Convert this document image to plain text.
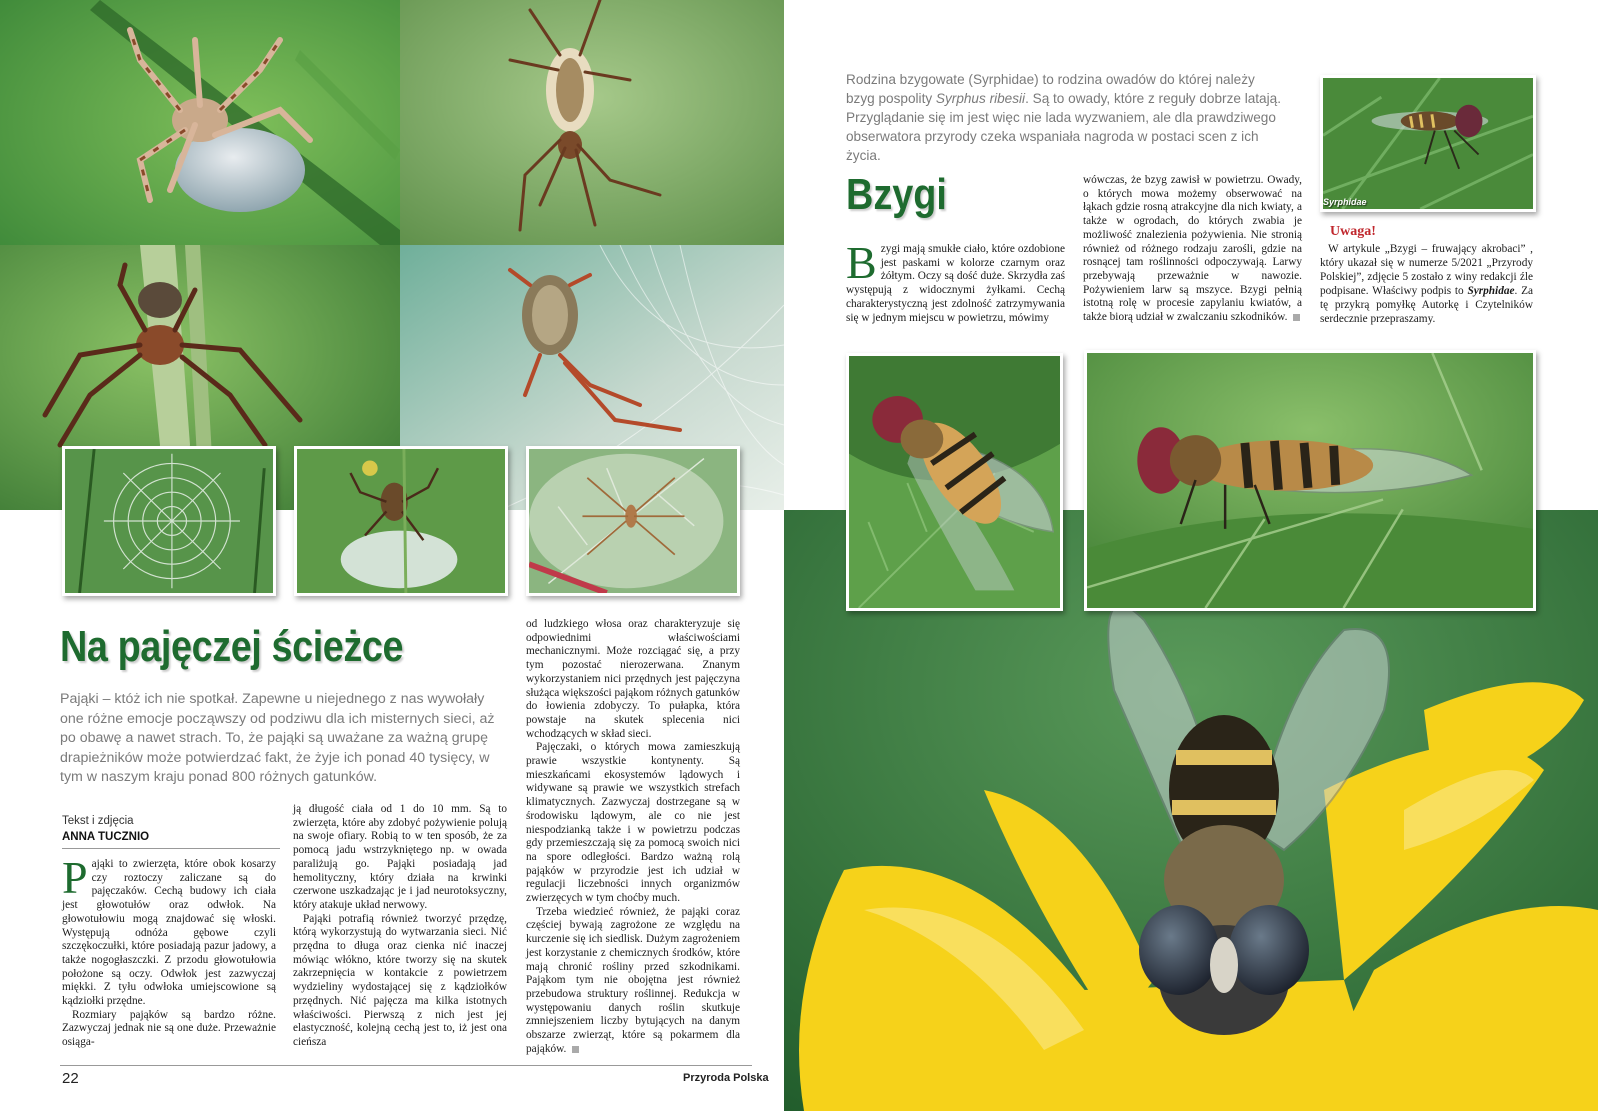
Na pajęczej ścieżce

Pająki – któż ich nie spotkał. Zapewne u niejednego z nas wywołały one różne emocje począwszy od podziwu dla ich misternych sieci, aż po obawę a nawet strach. To, że pająki są uważane za ważną grupę drapieżników może potwierdzać fakt, że żyje ich ponad 40 tysięcy, w tym w naszym kraju ponad 800 różnych gatunków.

Tekst i zdjęcia
ANNA TUCZNIO

Pająki to zwierzęta, które obok kosarzy czy roztoczy zaliczane są do pajęczaków. Cechą budowy ich ciała jest głowotułów oraz odwłok. Na głowotułowiu mogą znajdować się włoski. Występują odnóża gębowe czyli szczękoczułki, które posiadają pazur jadowy, a także nogogłaszczki. Z przodu głowotułowia położone są oczy. Odwłok jest zazwyczaj miękki. Z tyłu odwłoka umiejscowione są kądziołki przędne.

Rozmiary pająków są bardzo różne. Zazwyczaj jednak nie są one duże. Przeważnie osiąga-

ją długość ciała od 1 do 10 mm. Są to zwierzęta, które aby zdobyć pożywienie polują na swoje ofiary. Robią to w ten sposób, że za pomocą jadu wstrzykniętego np. w owada paraliżują go. Pająki posiadają jad hemolityczny, który działa na krwinki czerwone uszkadzając je i jad neurotoksyczny, który atakuje układ nerwowy.

Pająki potrafią również tworzyć przędzę, którą wykorzystują do wytwarzania sieci. Nić przędna to długa oraz cienka nić inaczej mówiąc włókno, które tworzy się na skutek zakrzepnięcia w kontakcie z powietrzem wydzieliny wydostającej się z kądziołków przędnych. Nić pajęcza ma kilka istotnych właściwości. Pierwszą z nich jest jej elastyczność, kolejną cechą jest to, iż jest ona cieńsza

od ludzkiego włosa oraz charakteryzuje się odpowiednimi właściwościami mechanicznymi. Może rozciągać się, a przy tym pozostać nierozerwana. Znanym wykorzystaniem nici przędnych jest pajęczyna służąca większości pająkom różnych gatunków do łowienia zdobyczy. To pułapka, która powstaje na skutek splecenia nici wchodzących w skład sieci.

Pajęczaki, o których mowa zamieszkują prawie wszystkie kontynenty. Są mieszkańcami ekosystemów lądowych i widywane są prawie we wszystkich strefach klimatycznych. Zazwyczaj dostrzegane są w środowisku lądowym, ale co nie jest niespodzianką także i w powietrzu podczas gdy przemieszczają się za pomocą swoich nici na spore odległości. Bardzo ważną rolą pająków w przyrodzie jest ich udział w regulacji liczebności innych organizmów zwierzęcych w tym choćby much.

Trzeba wiedzieć również, że pająki coraz częściej bywają zagrożone ze względu na kurczenie się ich siedlisk. Dużym zagrożeniem jest korzystanie z chemicznych środków, które mają chronić rośliny przed szkodnikami. Pająkom tym nie obojętna jest również przebudowa struktury roślinnej. Redukcja w występowaniu danych roślin skutkuje zmniejszeniem liczby bytujących na danym obszarze zwierząt, które są pokarmem dla pająków.

22	Przyroda Polska
Syrphidae

Rodzina bzygowate (Syrphidae) to rodzina owadów do której należy bzyg pospolity Syrphus ribesii. Są to owady, które z reguły dobrze latają. Przyglądanie się im jest więc nie lada wyzwaniem, ale dla prawdziwego obserwatora przyrody czeka wspaniała nagroda w postaci scen z ich życia.

Bzygi

Bzygi mają smukłe ciało, które ozdobione jest paskami w kolorze czarnym oraz żółtym. Oczy są dość duże. Skrzydła zaś występują z widocznymi żyłkami. Cechą charakterystyczną jest zdolność zatrzymywania się w jednym miejscu w powietrzu, mówimy

wówczas, że bzyg zawisł w powietrzu. Owady, o których mowa możemy obserwować na łąkach gdzie rosną atrakcyjne dla nich kwiaty, a także w ogrodach, do których zwabia je możliwość znalezienia pożywienia. Nie stronią również od różnego rodzaju zarośli, gdzie na rosnącej tam roślinności odpoczywają. Larwy przebywają przeważnie w nawozie. Pożywieniem larw są mszyce. Bzygi pełnią istotną rolę w procesie zapylaniu kwiatów, a także biorą udział w zwalczaniu szkodników.

Uwaga!

W artykule „Bzygi – fruwający akrobaci” , który ukazał się w numerze 5/2021 „Przyrody Polskiej”, zdjęcie 5 zostało z winy redakcji źle podpisane. Właściwy podpis to Syrphidae. Za tę przykrą pomyłkę Autorkę i Czytelników serdecznie przepraszamy.
